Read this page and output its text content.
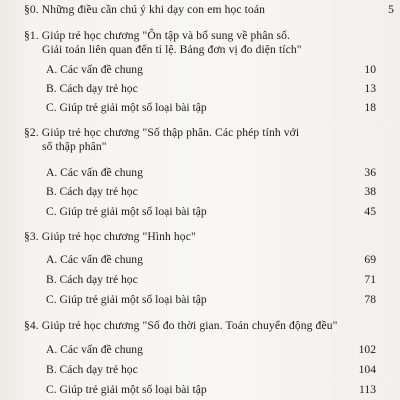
§0. Những điều cần chú ý khi dạy con em học toán	5
§1. Giúp trẻ học chương "Ôn tập và bổ sung về phân số.
Giải toán liên quan đến tỉ lệ. Bảng đơn vị đo diện tích"
A. Các vấn đề chung	10
B. Cách dạy trẻ học	13
C. Giúp trẻ giải một số loại bài tập	18
§2. Giúp trẻ học chương "Số thập phân. Các phép tính với
số thập phân"
A. Các vấn đề chung	36
B. Cách dạy trẻ học	38
C. Giúp trẻ giải một số loại bài tập	45
§3. Giúp trẻ học chương "Hình học"
A. Các vấn đề chung	69
B. Cách dạy trẻ học	71
C. Giúp trẻ giải một số loại bài tập	78
§4. Giúp trẻ học chương "Số đo thời gian. Toán chuyển động đều"
A. Các vấn đề chung	102
B. Cách dạy trẻ học	104
C. Giúp trẻ giải một số loại bài tập	113
